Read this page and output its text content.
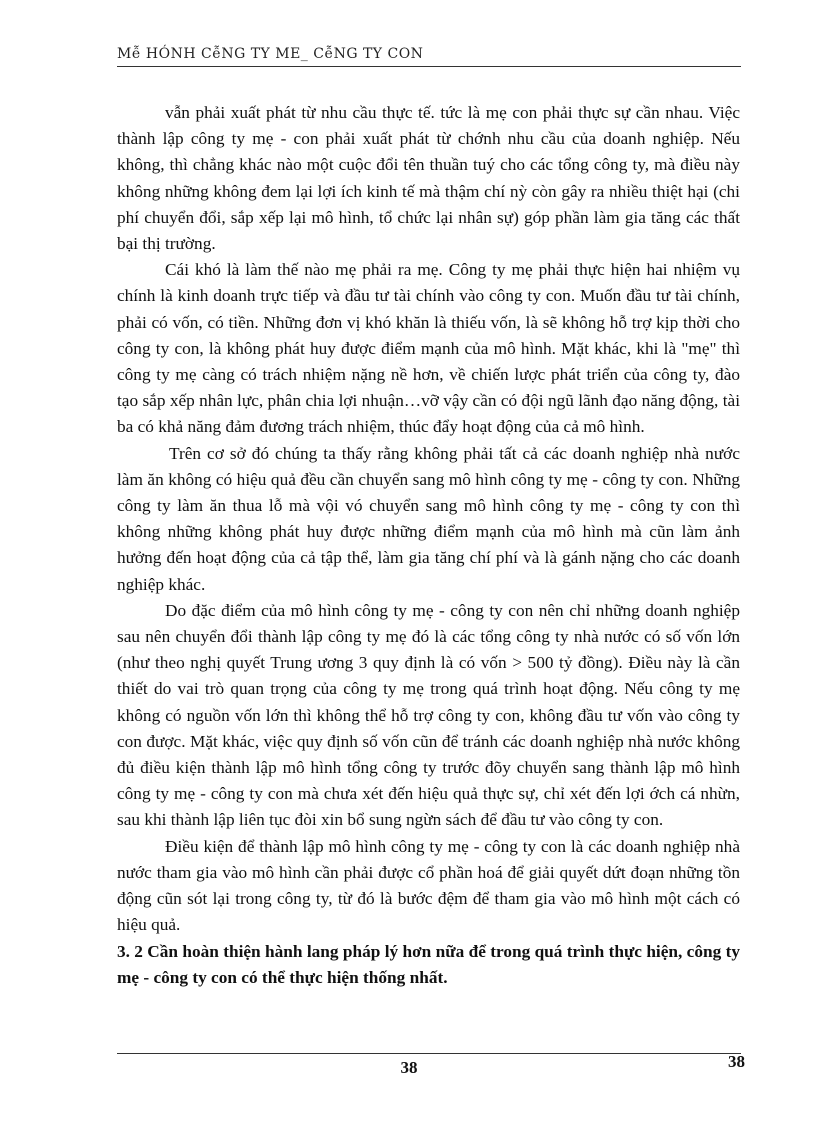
Mễ HÓNH CễNG TY ME_ CễNG TY CON

vẫn phải xuất phát từ nhu cầu thực tế. tức là mẹ con phải thực sự cần nhau. Việc thành lập công ty mẹ - con phải xuất phát từ chớnh nhu cầu của doanh nghiệp. Nếu không, thì chẳng khác nào một cuộc đổi tên thuần tuý cho các tổng công ty, mà điều này không những không đem lại lợi ích kinh tế mà thậm chí nỳ còn gây ra nhiều thiệt hại (chi phí chuyển đổi, sắp xếp lại mô hình, tổ chức lại nhân sự) góp phần làm gia tăng các thất bại thị trường.

Cái khó là làm thế nào mẹ phải ra mẹ. Công ty mẹ phải thực hiện hai nhiệm vụ chính là kinh doanh trực tiếp và đầu tư tài chính vào công ty con. Muốn đầu tư tài chính, phải có vốn, có tiền. Những đơn vị khó khăn là thiếu vốn, là sẽ không hỗ trợ kịp thời cho công ty con, là không phát huy được điểm mạnh của mô hình. Mặt khác, khi là "mẹ" thì công ty mẹ càng có trách nhiệm nặng nề hơn, về chiến lược phát triển của công ty, đào tạo sắp xếp nhân lực, phân chia lợi nhuận…vỡ vậy cần có đội ngũ lãnh đạo năng động, tài ba có khả năng đảm đương trách nhiệm, thúc đẩy hoạt động của cả mô hình.

Trên cơ sở đó chúng ta thấy rằng không phải tất cả các doanh nghiệp nhà nước làm ăn không có hiệu quả đều cần chuyển sang mô hình công ty mẹ - công ty con. Những công ty làm ăn thua lỗ mà vội vó chuyển sang mô hình công ty mẹ - công ty con thì không những không phát huy được những điểm mạnh của mô hình mà cũn làm ảnh hưởng đến hoạt động của cả tập thể, làm gia tăng chí phí và là gánh nặng cho các doanh nghiệp khác.

Do đặc điểm của mô hình công ty mẹ - công ty con nên chỉ những doanh nghiệp sau nên chuyển đổi thành lập công ty mẹ đó là các tổng công ty nhà nước có số vốn lớn (như theo nghị quyết Trung ương 3 quy định là có vốn > 500 tỷ đồng). Điều này là cần thiết do vai trò quan trọng của công ty mẹ trong quá trình hoạt động. Nếu công ty mẹ không có nguồn vốn lớn thì không thể hỗ trợ công ty con, không đầu tư vốn vào công ty con được. Mặt khác, việc quy định số vốn cũn để tránh các doanh nghiệp nhà nước không đủ điều kiện thành lập mô hình tổng công ty trước đõy chuyển sang thành lập mô hình công ty mẹ - công ty con mà chưa xét đến hiệu quả thực sự, chỉ xét đến lợi ớch cá nhừn, sau khi thành lập liên tục đòi xin bổ sung ngừn sách để đầu tư vào công ty con.

Điều kiện để thành lập mô hình công ty mẹ - công ty con là các doanh nghiệp nhà nước tham gia vào mô hình cần phải được cổ phần hoá để giải quyết dứt đoạn những tồn động cũn sót lại trong công ty, từ đó là bước đệm để tham gia vào mô hình một cách có hiệu quả.

3. 2 Cần hoàn thiện hành lang pháp lý hơn nữa để trong quá trình thực hiện, công ty mẹ - công ty con có thể thực hiện thống nhất.
38	38
